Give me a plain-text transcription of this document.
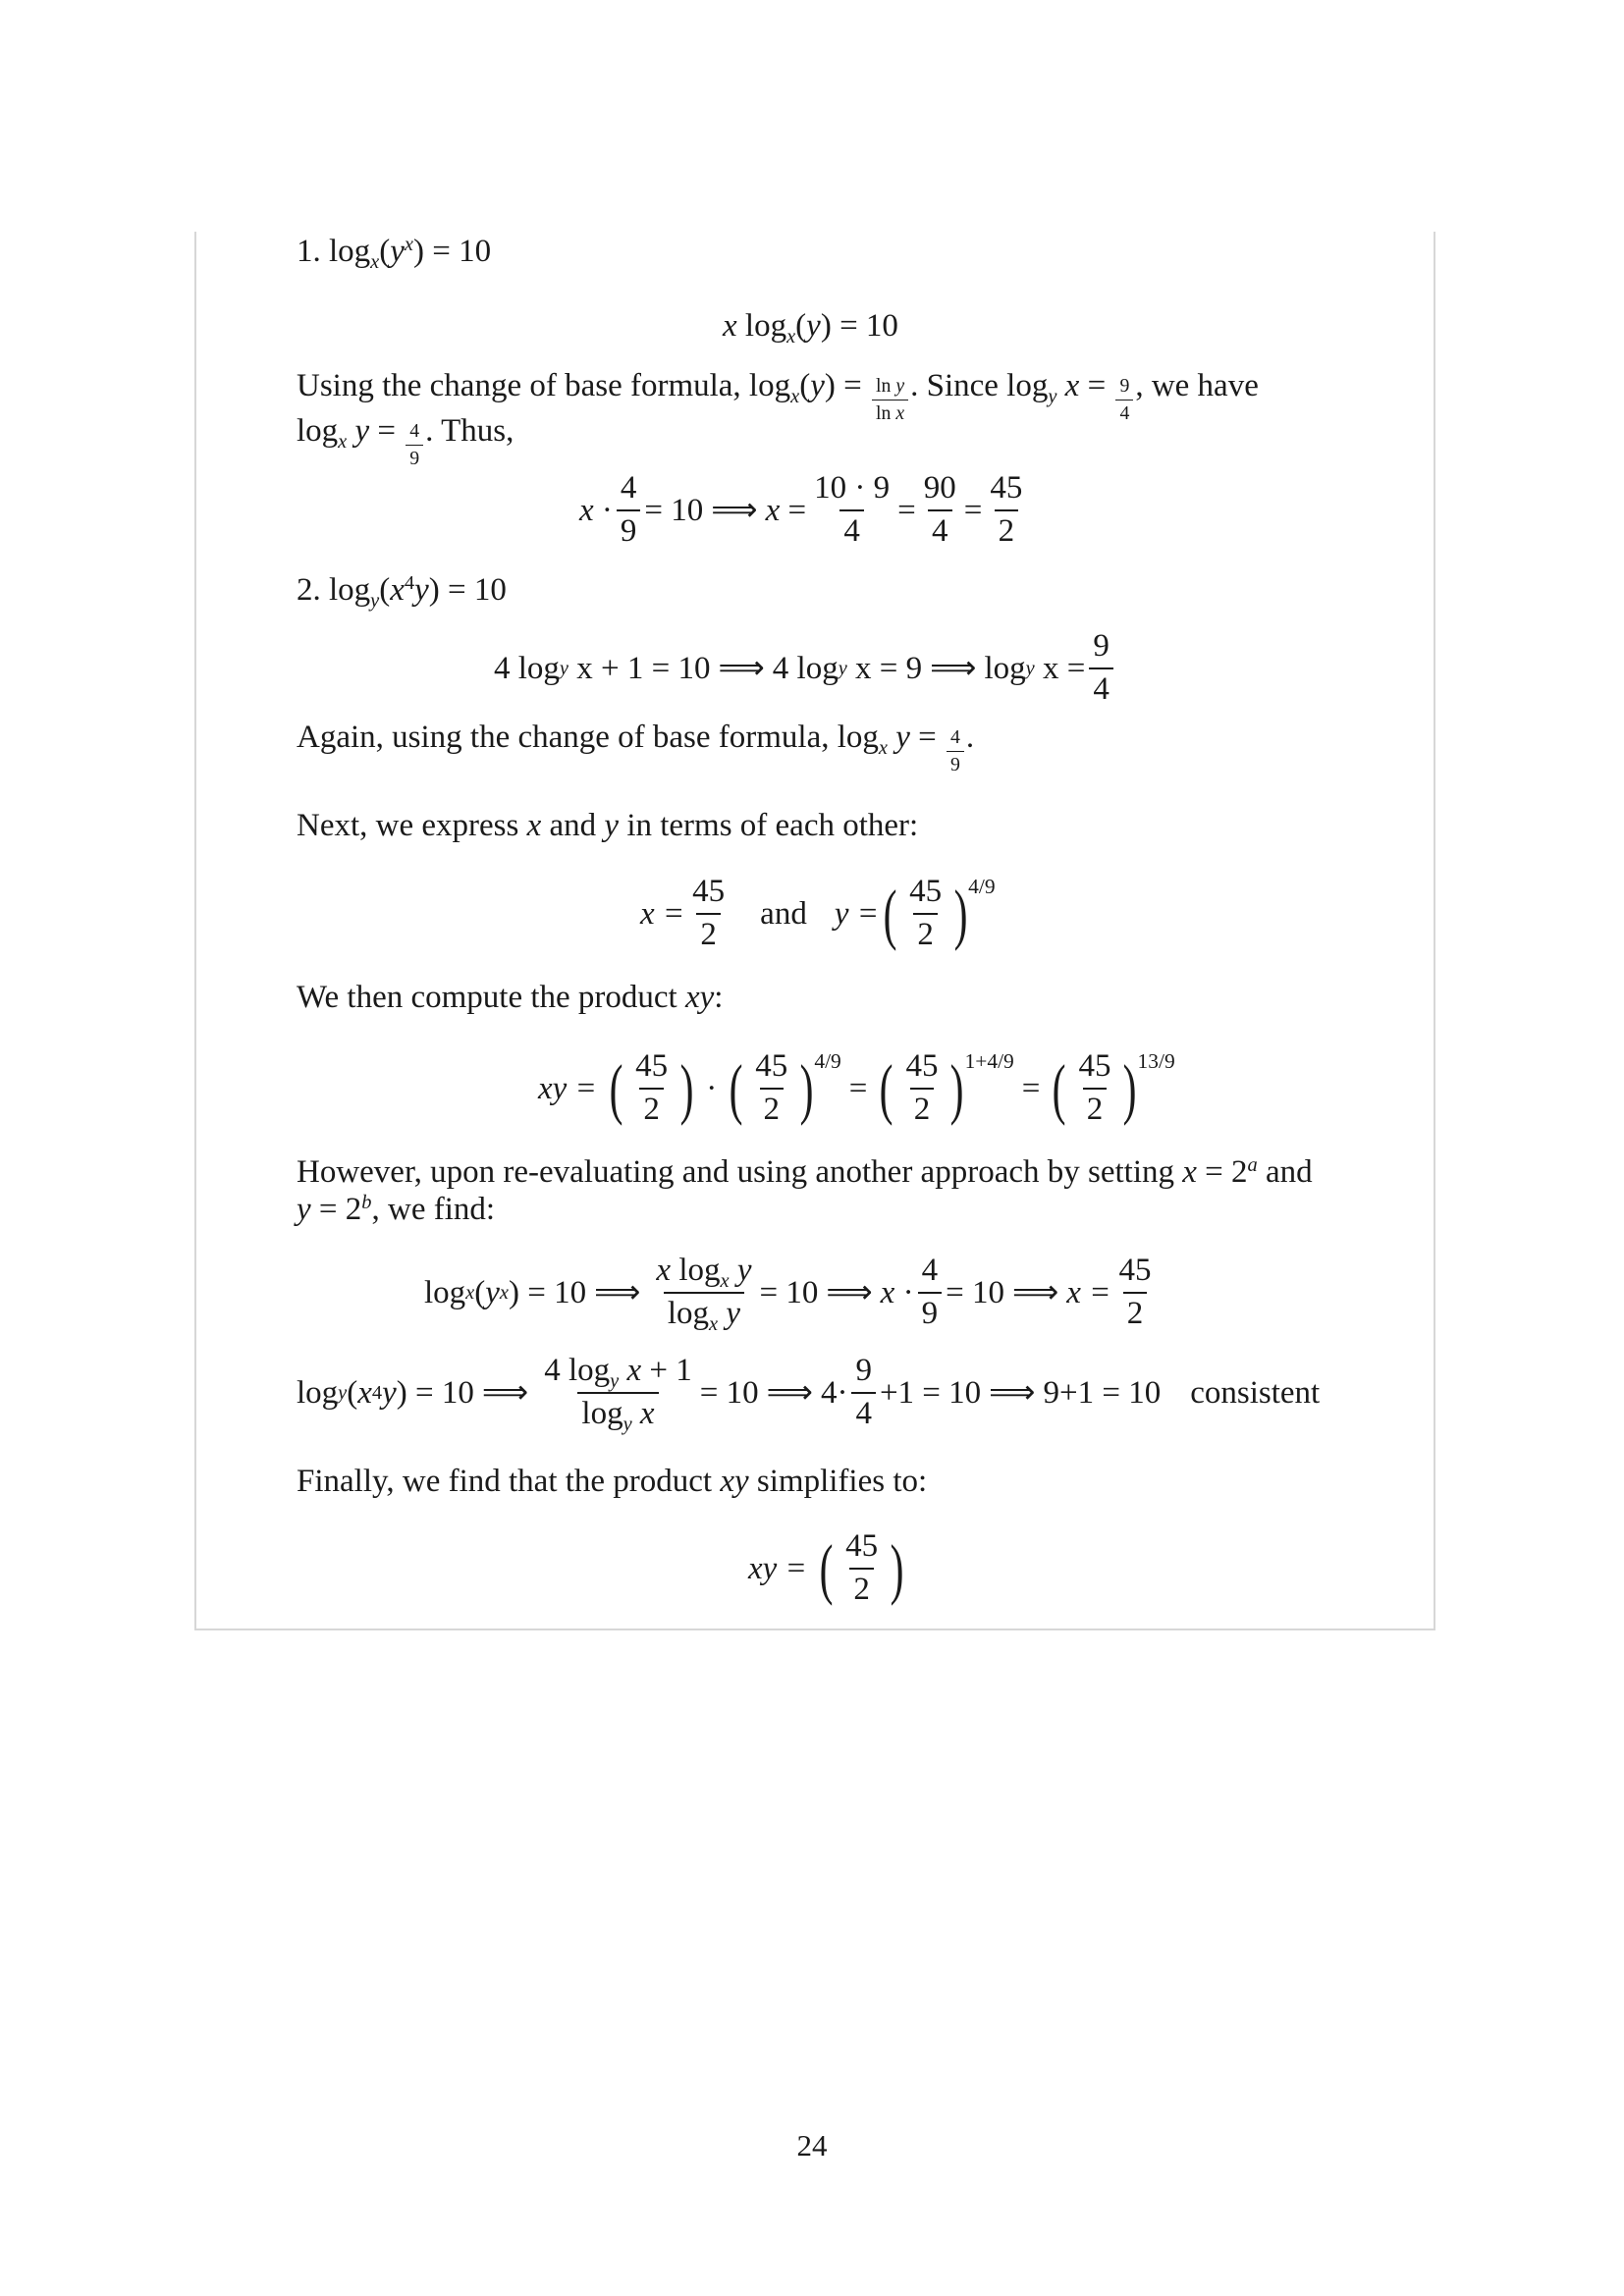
1. $\log_x(y^x) = 10$
x $\log_x(y) = 10$
Using the change of base formula, $\log_x(y) = \frac{\text{ln y}}{\text{ln x}}$ . Since $\log_y x = \frac{9}{4}$ , we have
$\log_x y = \frac{4}{9}$ . Thus,
$x \cdot \frac{4}{9} = 10$ ⟹ x
= $\frac{10 \cdot 9}{4} = \frac{90}{4} = \frac{45}{2}$
2. $\log_y(x^4y) = 10$
4 log y
x + 1 = 10 ⟹ 4 log y
x = 9 ⟹ log y
$x = \frac{9}{4}$
Again, using the change of base formula, $\log_x y = \frac{4}{9}$ .
Next, we express x and y in terms of each other:
$x = \frac{45}{2}$ and y = ( $\frac{45}{2}$ ) 4/9
We then compute the product xy:
xy =
( $\frac{45}{2}$ ) · ( $\frac{45}{2}$ ) 4/9
= ( $\frac{45}{2}$ ) 1+4/9
= ( $\frac{45}{2}$ ) 13/9
However, upon re-evaluating and using another approach by setting $x = 2^a$ and
$y = 2^b$, we find:
log x ( y x ) = 10 ⟹ $\frac{x \log_x y}{\log_x y} = 10$ ⟹ $x \cdot \frac{4}{9} = 10$ ⟹ $x = \frac{45}{2}$
log y ( x 4 y ) = 10 ⟹ $\frac{4 \log_y x + 1}{\log_y x} = 10$ ⟹ $4\cdot \frac{9}{4} +1 = 10$ ⟹ 9+1 = 10 consistent
Finally, we find that the product xy simplifies to:
xy =
( $\frac{45}{2}$ )
24
